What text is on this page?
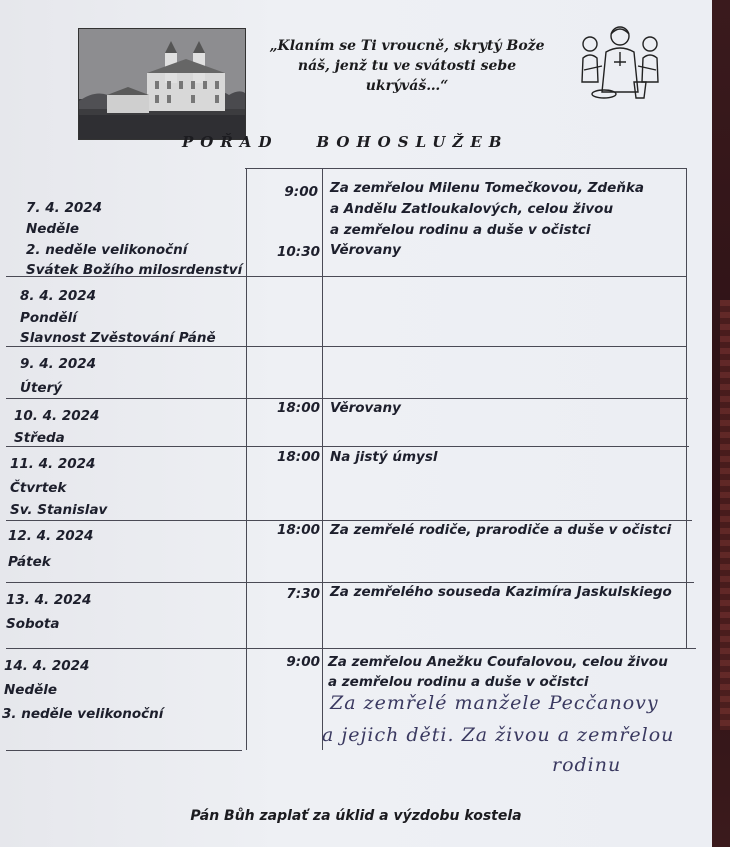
„Klaním se Ti vroucně, skrytý Bože
náš, jenž tu ve svátosti sebe
ukrýváš…“
POŘAD	BOHOSLUŽEB
7. 4. 2024
Neděle
2. neděle velikonoční
Svátek Božího milosrdenství
9:00
10:30
Za zemřelou Milenu Tomečkovou, Zdeňka
a Andělu Zatloukalových, celou živou
a zemřelou rodinu a duše v očistci
Věrovany
8. 4. 2024
Pondělí
Slavnost Zvěstování Páně
9. 4. 2024
Úterý
10. 4. 2024
Středa
18:00 Věrovany
11. 4. 2024
Čtvrtek
Sv. Stanislav
18:00 Na jistý úmysl
12. 4. 2024
Pátek
18:00 Za zemřelé rodiče, prarodiče a duše v očistci
13. 4. 2024
Sobota
7:30 Za zemřelého souseda Kazimíra Jaskulskiego
14. 4. 2024
Neděle
3. neděle velikonoční
9:00 Za zemřelou Anežku Coufalovou, celou živou
a zemřelou rodinu a duše v očistci
Za zemřelé manžele Pecčanovy
a jejich děti. Za živou a zemřelou
rodinu
Pán Bůh zaplať za úklid a výzdobu kostela
